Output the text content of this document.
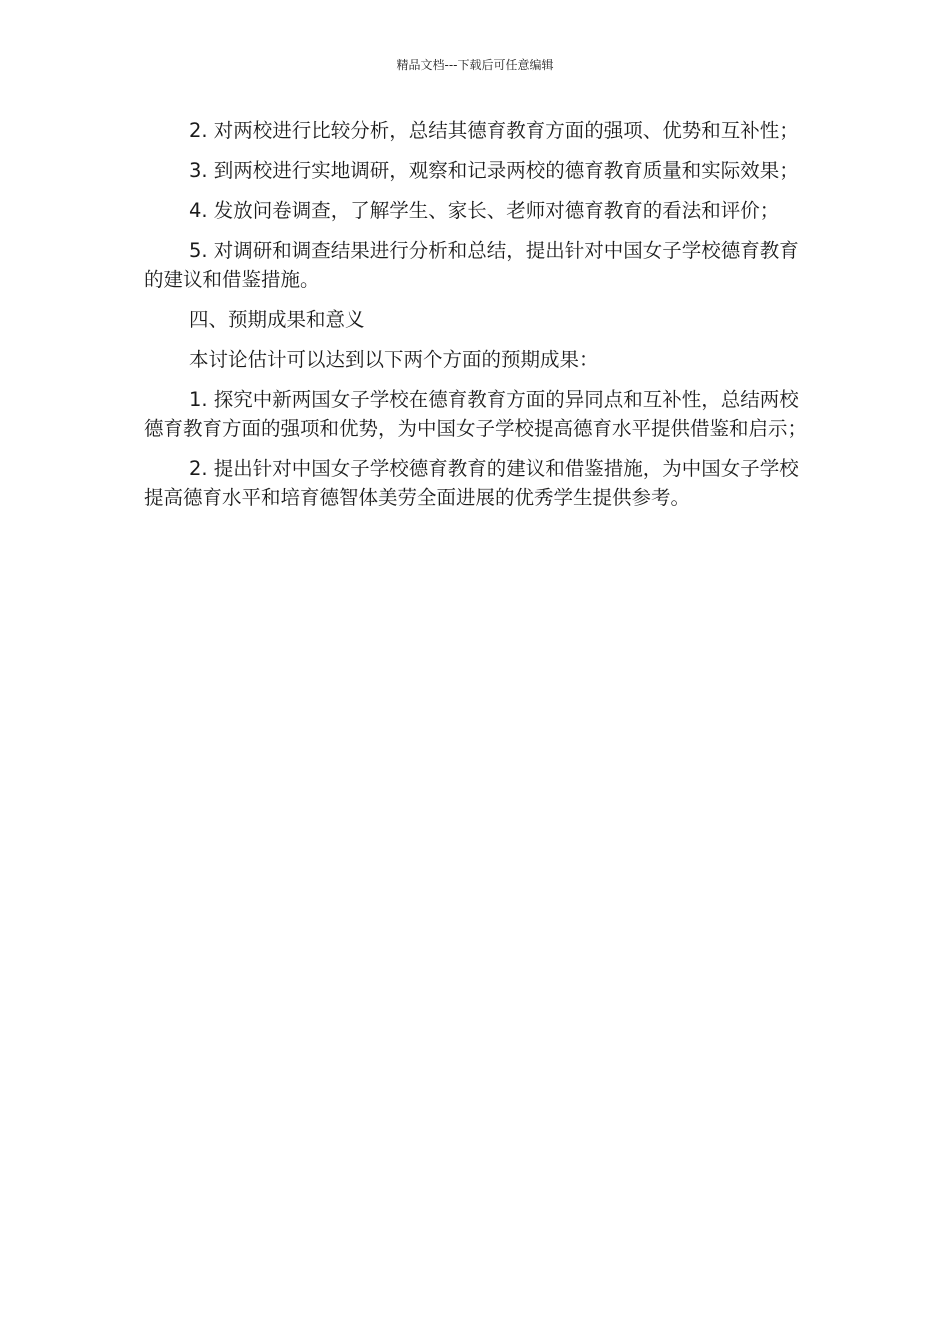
精品文档---下载后可任意编辑

2. 对两校进行比较分析，总结其德育教育方面的强项、优势和互补性；

3. 到两校进行实地调研，观察和记录两校的德育教育质量和实际效果；

4. 发放问卷调查，了解学生、家长、老师对德育教育的看法和评价；

5. 对调研和调查结果进行分析和总结，提出针对中国女子学校德育教育的建议和借鉴措施。

四、预期成果和意义

本讨论估计可以达到以下两个方面的预期成果：

1. 探究中新两国女子学校在德育教育方面的异同点和互补性，总结两校德育教育方面的强项和优势，为中国女子学校提高德育水平提供借鉴和启示；

2. 提出针对中国女子学校德育教育的建议和借鉴措施，为中国女子学校提高德育水平和培育德智体美劳全面进展的优秀学生提供参考。
